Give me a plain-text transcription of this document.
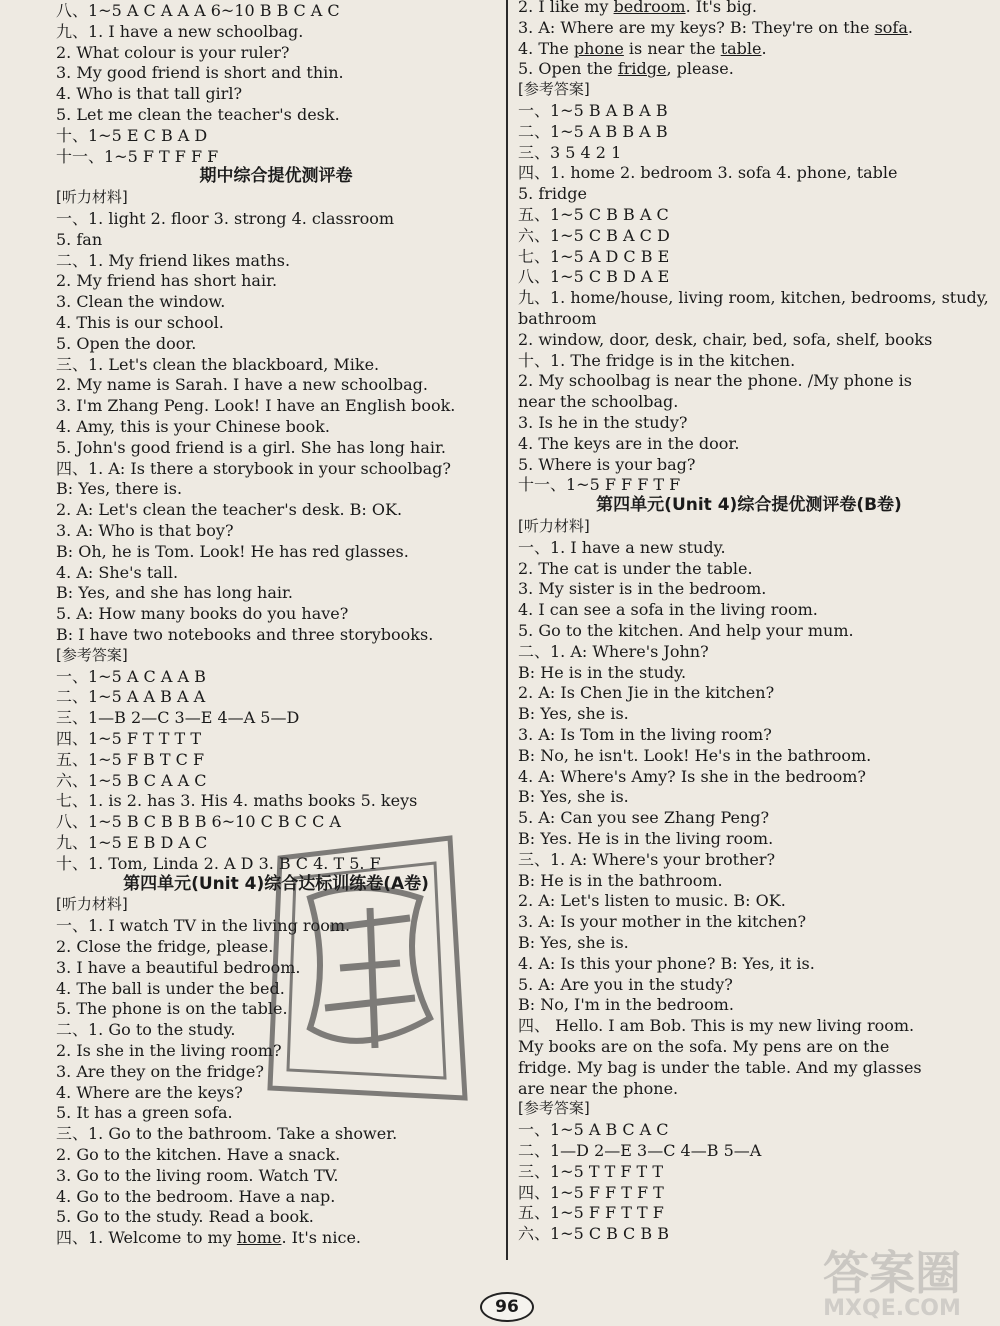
八、1~5 A C A A A 6~10 B B C A C
九、1. I have a new schoolbag.
2. What colour is your ruler?
3. My good friend is short and thin.
4. Who is that tall girl?
5. Let me clean the teacher's desk.
十、1~5 E C B A D
十一、1~5 F T F F F
期中综合提优测评卷
[听力材料]
一、1. light 2. floor 3. strong 4. classroom
5. fan
二、1. My friend likes maths.
2. My friend has short hair.
3. Clean the window.
4. This is our school.
5. Open the door.
三、1. Let's clean the blackboard, Mike.
2. My name is Sarah. I have a new schoolbag.
3. I'm Zhang Peng. Look! I have an English book.
4. Amy, this is your Chinese book.
5. John's good friend is a girl. She has long hair.
四、1. A: Is there a storybook in your schoolbag?
B: Yes, there is.
2. A: Let's clean the teacher's desk. B: OK.
3. A: Who is that boy?
B: Oh, he is Tom. Look! He has red glasses.
4. A: She's tall.
B: Yes, and she has long hair.
5. A: How many books do you have?
B: I have two notebooks and three storybooks.
[参考答案]
一、1~5 A C A A B
二、1~5 A A B A A
三、1—B 2—C 3—E 4—A 5—D
四、1~5 F T T T T
五、1~5 F B T C F
六、1~5 B C A A C
七、1. is 2. has 3. His 4. maths books 5. keys
八、1~5 B C B B B 6~10 C B C C A
九、1~5 E B D A C
十、1. Tom, Linda 2. A D 3. B C 4. T 5. F
第四单元(Unit 4)综合达标训练卷(A卷)
[听力材料]
一、1. I watch TV in the living room.
2. Close the fridge, please.
3. I have a beautiful bedroom.
4. The ball is under the bed.
5. The phone is on the table.
二、1. Go to the study.
2. Is she in the living room?
3. Are they on the fridge?
4. Where are the keys?
5. It has a green sofa.
三、1. Go to the bathroom. Take a shower.
2. Go to the kitchen. Have a snack.
3. Go to the living room. Watch TV.
4. Go to the bedroom. Have a nap.
5. Go to the study. Read a book.
四、1. Welcome to my home. It's nice.
2. I like my bedroom. It's big.
3. A: Where are my keys? B: They're on the sofa.
4. The phone is near the table.
5. Open the fridge, please.
[参考答案]
一、1~5 B A B A B
二、1~5 A B B A B
三、3 5 4 2 1
四、1. home 2. bedroom 3. sofa 4. phone, table
5. fridge
五、1~5 C B B A C
六、1~5 C B A C D
七、1~5 A D C B E
八、1~5 C B D A E
九、1. home/house, living room, kitchen, bedrooms, study,
bathroom
2. window, door, desk, chair, bed, sofa, shelf, books
十、1. The fridge is in the kitchen.
2. My schoolbag is near the phone. /My phone is
near the schoolbag.
3. Is he in the study?
4. The keys are in the door.
5. Where is your bag?
十一、1~5 F F F T F
第四单元(Unit 4)综合提优测评卷(B卷)
[听力材料]
一、1. I have a new study.
2. The cat is under the table.
3. My sister is in the bedroom.
4. I can see a sofa in the living room.
5. Go to the kitchen. And help your mum.
二、1. A: Where's John?
B: He is in the study.
2. A: Is Chen Jie in the kitchen?
B: Yes, she is.
3. A: Is Tom in the living room?
B: No, he isn't. Look! He's in the bathroom.
4. A: Where's Amy? Is she in the bedroom?
B: Yes, she is.
5. A: Can you see Zhang Peng?
B: Yes. He is in the living room.
三、1. A: Where's your brother?
B: He is in the bathroom.
2. A: Let's listen to music. B: OK.
3. A: Is your mother in the kitchen?
B: Yes, she is.
4. A: Is this your phone? B: Yes, it is.
5. A: Are you in the study?
B: No, I'm in the bedroom.
四、 Hello. I am Bob. This is my new living room.
My books are on the sofa. My pens are on the
fridge. My bag is under the table. And my glasses
are near the phone.
[参考答案]
一、1~5 A B C A C
二、1—D 2—E 3—C 4—B 5—A
三、1~5 T T F T T
四、1~5 F F T F T
五、1~5 F F T T F
六、1~5 C B C B B
96
答案圈
MXQE.COM
